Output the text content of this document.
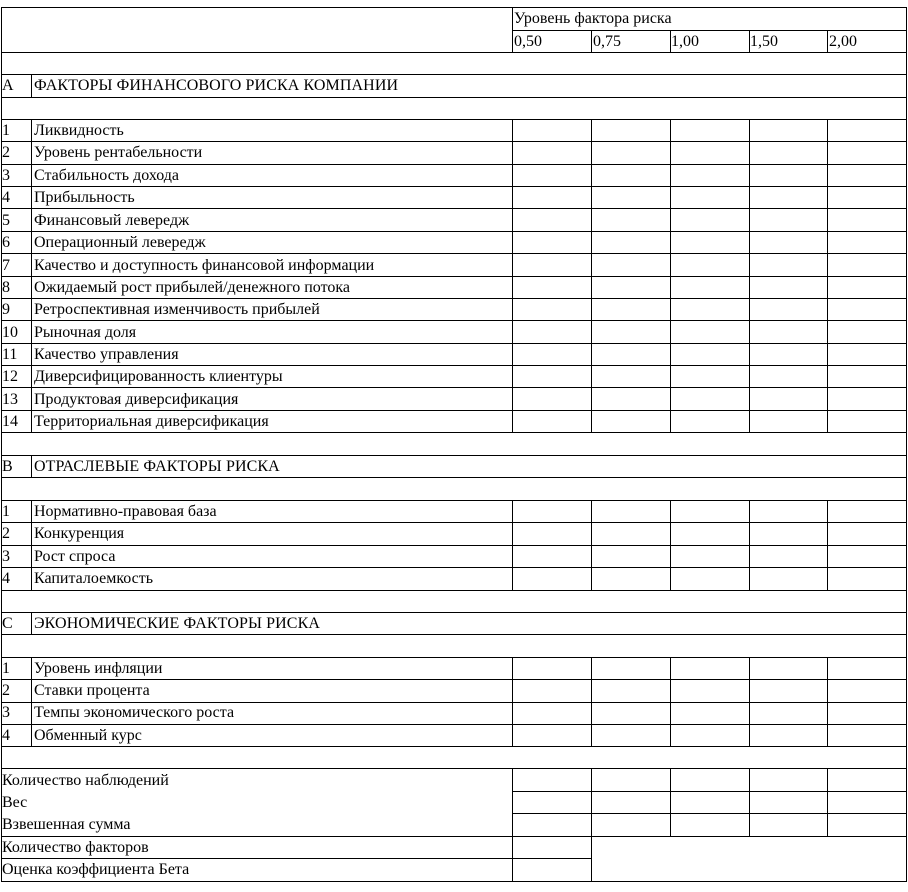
Уровень фактора риска
0,50	0,75	1,00	1,50	2,00
A ФАКТОРЫ ФИНАНСОВОГО РИСКА КОМПАНИИ
1 Ликвидность
2 Уровень рентабельности
3 Стабильность дохода
4 Прибыльность
5 Финансовый левередж
6 Операционный левередж
7 Качество и доступность финансовой информации
8 Ожидаемый рост прибылей/денежного потока
9 Ретроспективная изменчивость прибылей
10 Рыночная доля
11 Качество управления
12 Диверсифицированность клиентуры
13 Продуктовая диверсификация
14 Территориальная диверсификация
B ОТРАСЛЕВЫЕ ФАКТОРЫ РИСКА
1 Нормативно-правовая база
2 Конкуренция
3 Рост спроса
4 Капиталоемкость
C ЭКОНОМИЧЕСКИЕ ФАКТОРЫ РИСКА
1 Уровень инфляции
2 Ставки процента
3 Темпы экономического роста
4 Обменный курс
Количество наблюдений
Вес
Взвешенная сумма
Количество факторов
Оценка коэффициента Бета
